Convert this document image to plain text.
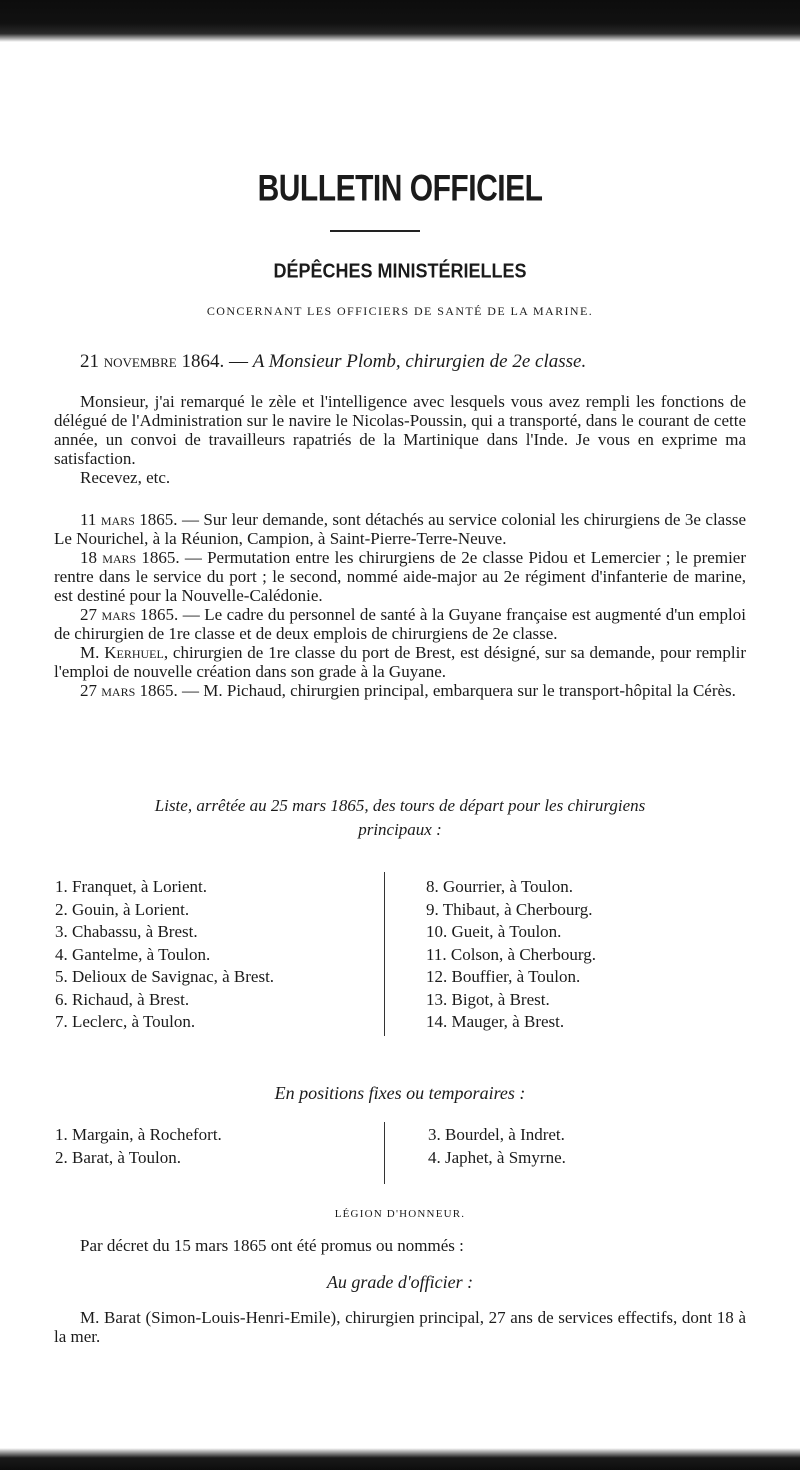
BULLETIN OFFICIEL
DÉPÊCHES MINISTÉRIELLES
CONCERNANT LES OFFICIERS DE SANTÉ DE LA MARINE.
21 novembre 1864. — A Monsieur Plomb, chirurgien de 2e classe.

Monsieur, j'ai remarqué le zèle et l'intelligence avec lesquels vous avez rempli les fonctions de délégué de l'Administration sur le navire le Nicolas-Poussin, qui a transporté, dans le courant de cette année, un convoi de travailleurs rapatriés de la Martinique dans l'Inde. Je vous en exprime ma satisfaction.

Recevez, etc.

11 mars 1865. — Sur leur demande, sont détachés au service colonial les chirurgiens de 3e classe Le Nourichel, à la Réunion, Campion, à Saint-Pierre-Terre-Neuve.

18 mars 1865. — Permutation entre les chirurgiens de 2e classe Pidou et Lemercier ; le premier rentre dans le service du port ; le second, nommé aide-major au 2e régiment d'infanterie de marine, est destiné pour la Nouvelle-Calédonie.

27 mars 1865. — Le cadre du personnel de santé à la Guyane française est augmenté d'un emploi de chirurgien de 1re classe et de deux emplois de chirurgiens de 2e classe.

M. Kerhuel, chirurgien de 1re classe du port de Brest, est désigné, sur sa demande, pour remplir l'emploi de nouvelle création dans son grade à la Guyane.

27 mars 1865. — M. Pichaud, chirurgien principal, embarquera sur le transport-hôpital la Cérès.

Liste, arrêtée au 25 mars 1865, des tours de départ pour les chirurgiens principaux :
1. Franquet, à Lorient.
2. Gouin, à Lorient.
3. Chabassu, à Brest.
4. Gantelme, à Toulon.
5. Delioux de Savignac, à Brest.
6. Richaud, à Brest.
7. Leclerc, à Toulon.
8. Gourrier, à Toulon.
9. Thibaut, à Cherbourg.
10. Gueit, à Toulon.
11. Colson, à Cherbourg.
12. Bouffier, à Toulon.
13. Bigot, à Brest.
14. Mauger, à Brest.
En positions fixes ou temporaires :
1. Margain, à Rochefort.
2. Barat, à Toulon.
3. Bourdel, à Indret.
4. Japhet, à Smyrne.
LÉGION D'HONNEUR.

Par décret du 15 mars 1865 ont été promus ou nommés :

Au grade d'officier :

M. Barat (Simon-Louis-Henri-Emile), chirurgien principal, 27 ans de services effectifs, dont 18 à la mer.
